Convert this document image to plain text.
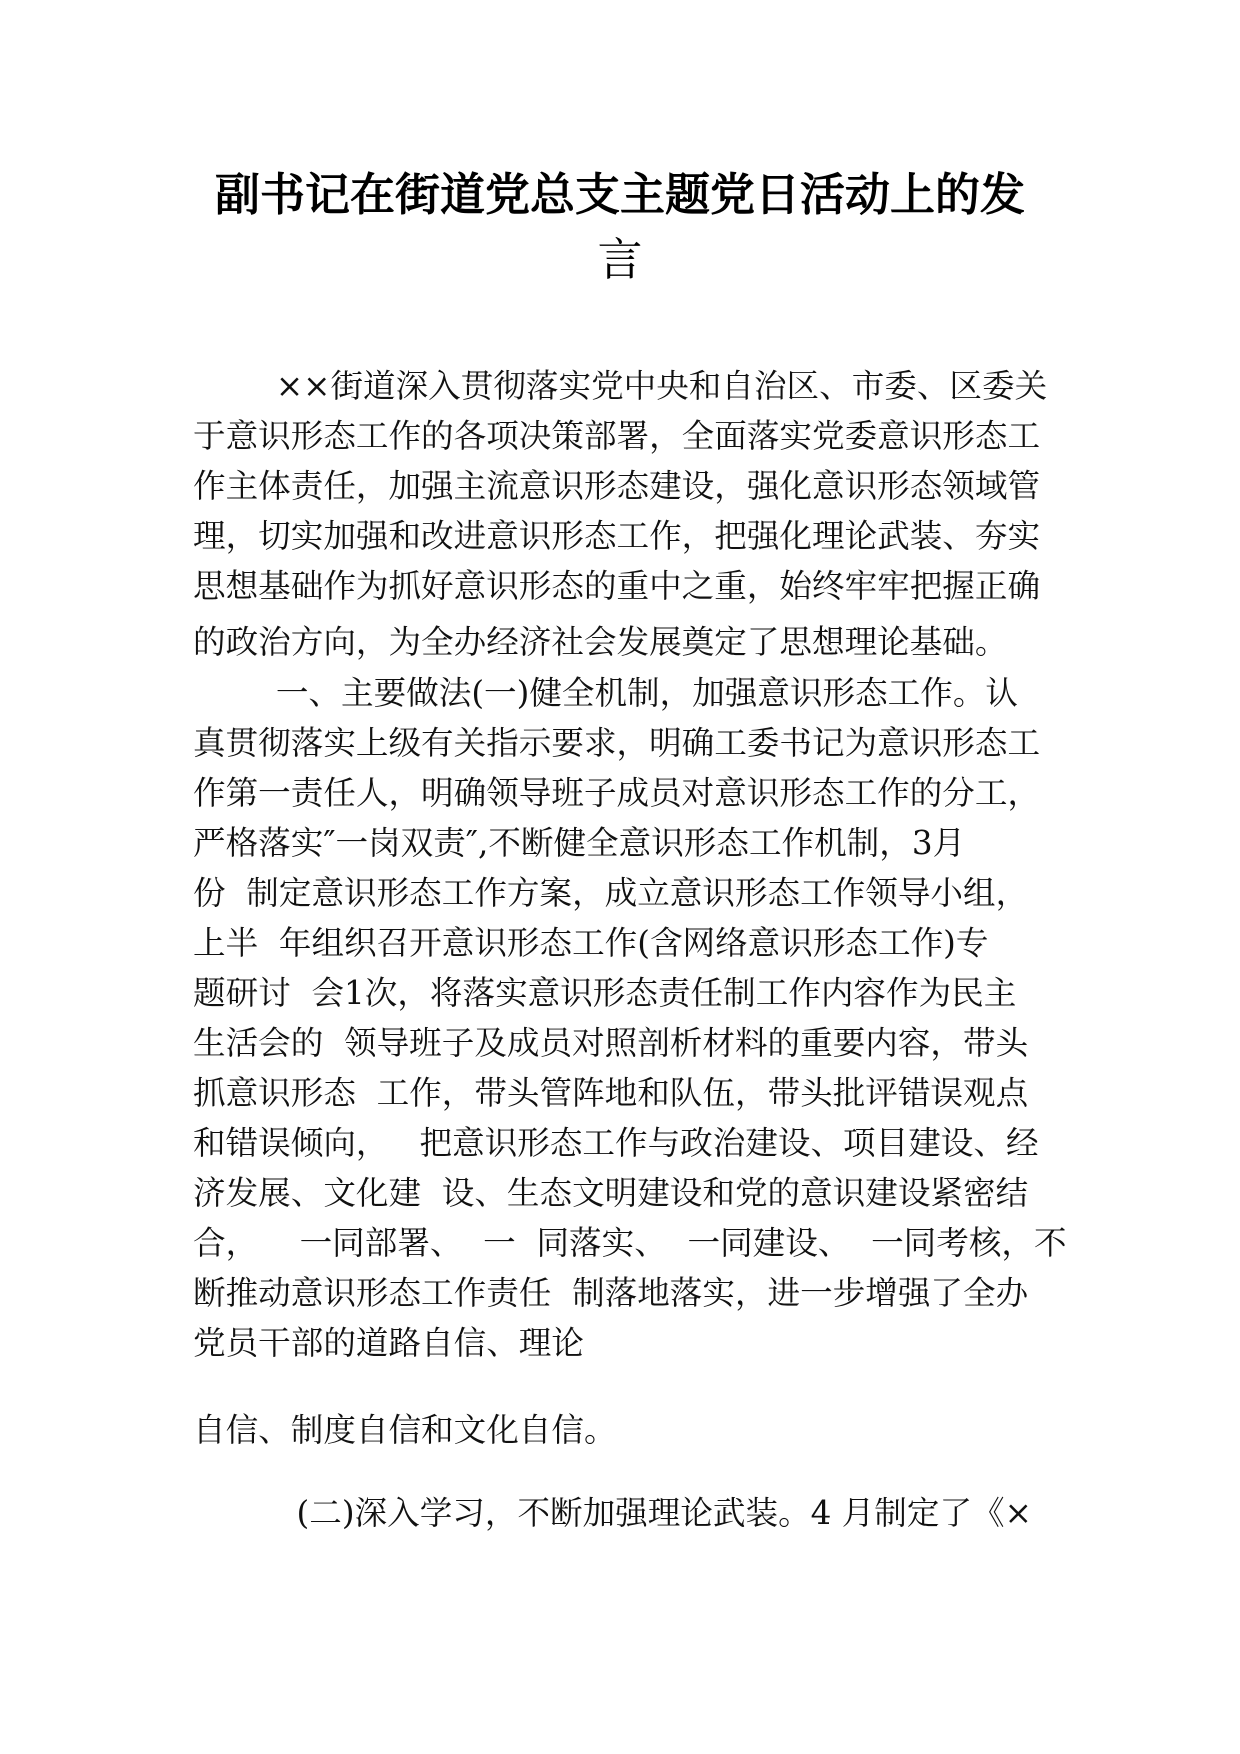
副书记在街道党总支主题党日活动上的发
言
××街道深入贯彻落实党中央和自治区、市委、区委关
于意识形态工作的各项决策部署，全面落实党委意识形态工
作主体责任，加强主流意识形态建设，强化意识形态领域管
理，切实加强和改进意识形态工作，把强化理论武装、夯实
思想基础作为抓好意识形态的重中之重，始终牢牢把握正确
的政治方向，为全办经济社会发展奠定了思想理论基础。
一、主要做法(一)健全机制，加强意识形态工作。认
真贯彻落实上级有关指示要求，明确工委书记为意识形态工
作第一责任人，明确领导班子成员对意识形态工作的分工，
严格落实″一岗双责″,不断健全意识形态工作机制，3月
份  制定意识形态工作方案，成立意识形态工作领导小组，
上半  年组织召开意识形态工作(含网络意识形态工作)专
题研讨  会1次，将落实意识形态责任制工作内容作为民主
生活会的  领导班子及成员对照剖析材料的重要内容，带头
抓意识形态  工作，带头管阵地和队伍，带头批评错误观点
和错误倾向，   把意识形态工作与政治建设、项目建设、经
济发展、文化建  设、生态文明建设和党的意识建设紧密结
合，    一同部署、  一  同落实、  一同建设、  一同考核，不
断推动意识形态工作责任  制落地落实，进一步增强了全办
党员干部的道路自信、理论
自信、制度自信和文化自信。
(二)深入学习，不断加强理论武装。4 月制定了《×
